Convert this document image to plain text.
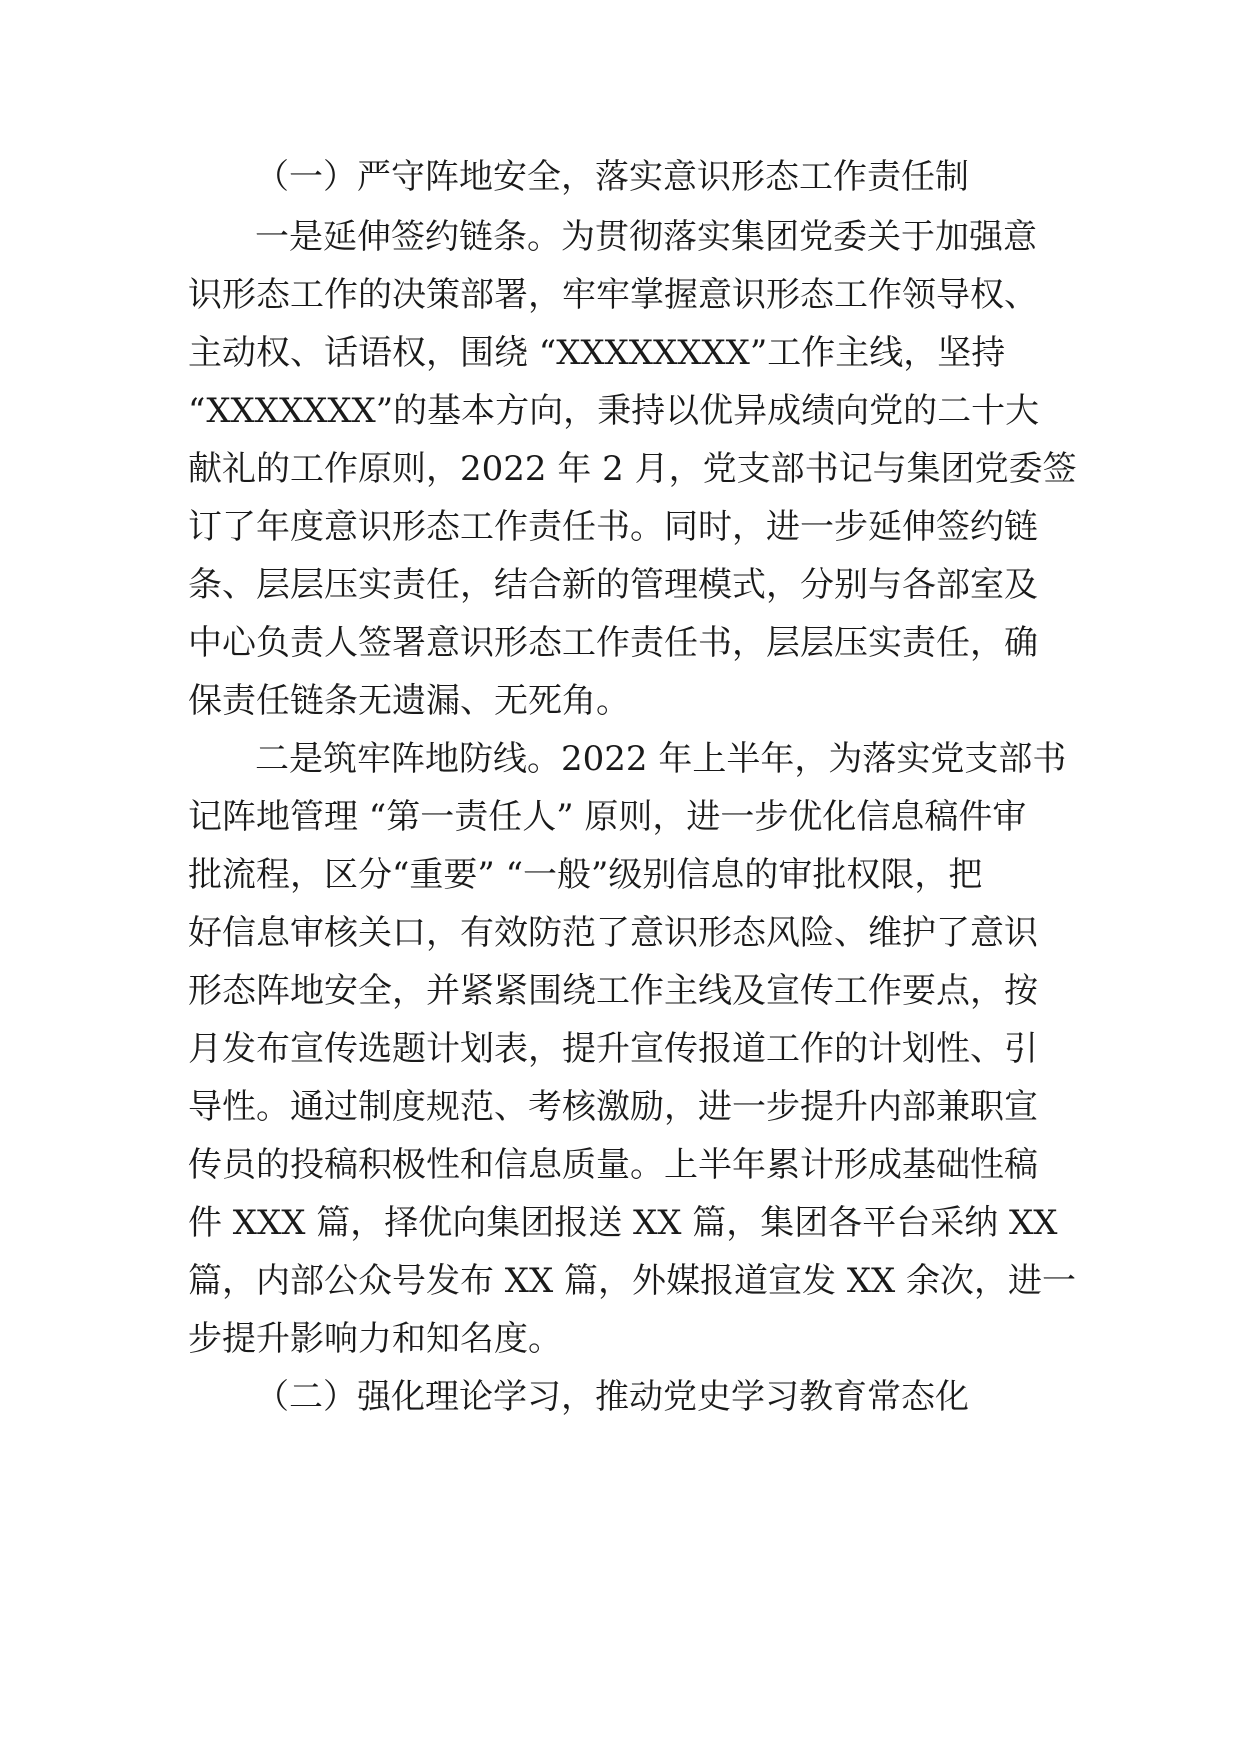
（一）严守阵地安全，落实意识形态工作责任制
一是延伸签约链条。为贯彻落实集团党委关于加强意
识形态工作的决策部署，牢牢掌握意识形态工作领导权、
主动权、话语权，围绕 “XXXXXXXX”工作主线，坚持
“XXXXXXX”的基本方向，秉持以优异成绩向党的二十大
献礼的工作原则，2022 年 2 月，党支部书记与集团党委签
订了年度意识形态工作责任书。同时，进一步延伸签约链
条、层层压实责任，结合新的管理模式，分别与各部室及
中心负责人签署意识形态工作责任书，层层压实责任，确
保责任链条无遗漏、无死角。
二是筑牢阵地防线。2022 年上半年，为落实党支部书
记阵地管理 “第一责任人” 原则，进一步优化信息稿件审
批流程，区分“重要” “一般”级别信息的审批权限，把
好信息审核关口，有效防范了意识形态风险、维护了意识
形态阵地安全，并紧紧围绕工作主线及宣传工作要点，按
月发布宣传选题计划表，提升宣传报道工作的计划性、引
导性。通过制度规范、考核激励，进一步提升内部兼职宣
传员的投稿积极性和信息质量。上半年累计形成基础性稿
件 XXX 篇，择优向集团报送 XX 篇，集团各平台采纳 XX
篇，内部公众号发布 XX 篇，外媒报道宣发 XX 余次，进一
步提升影响力和知名度。
（二）强化理论学习，推动党史学习教育常态化
